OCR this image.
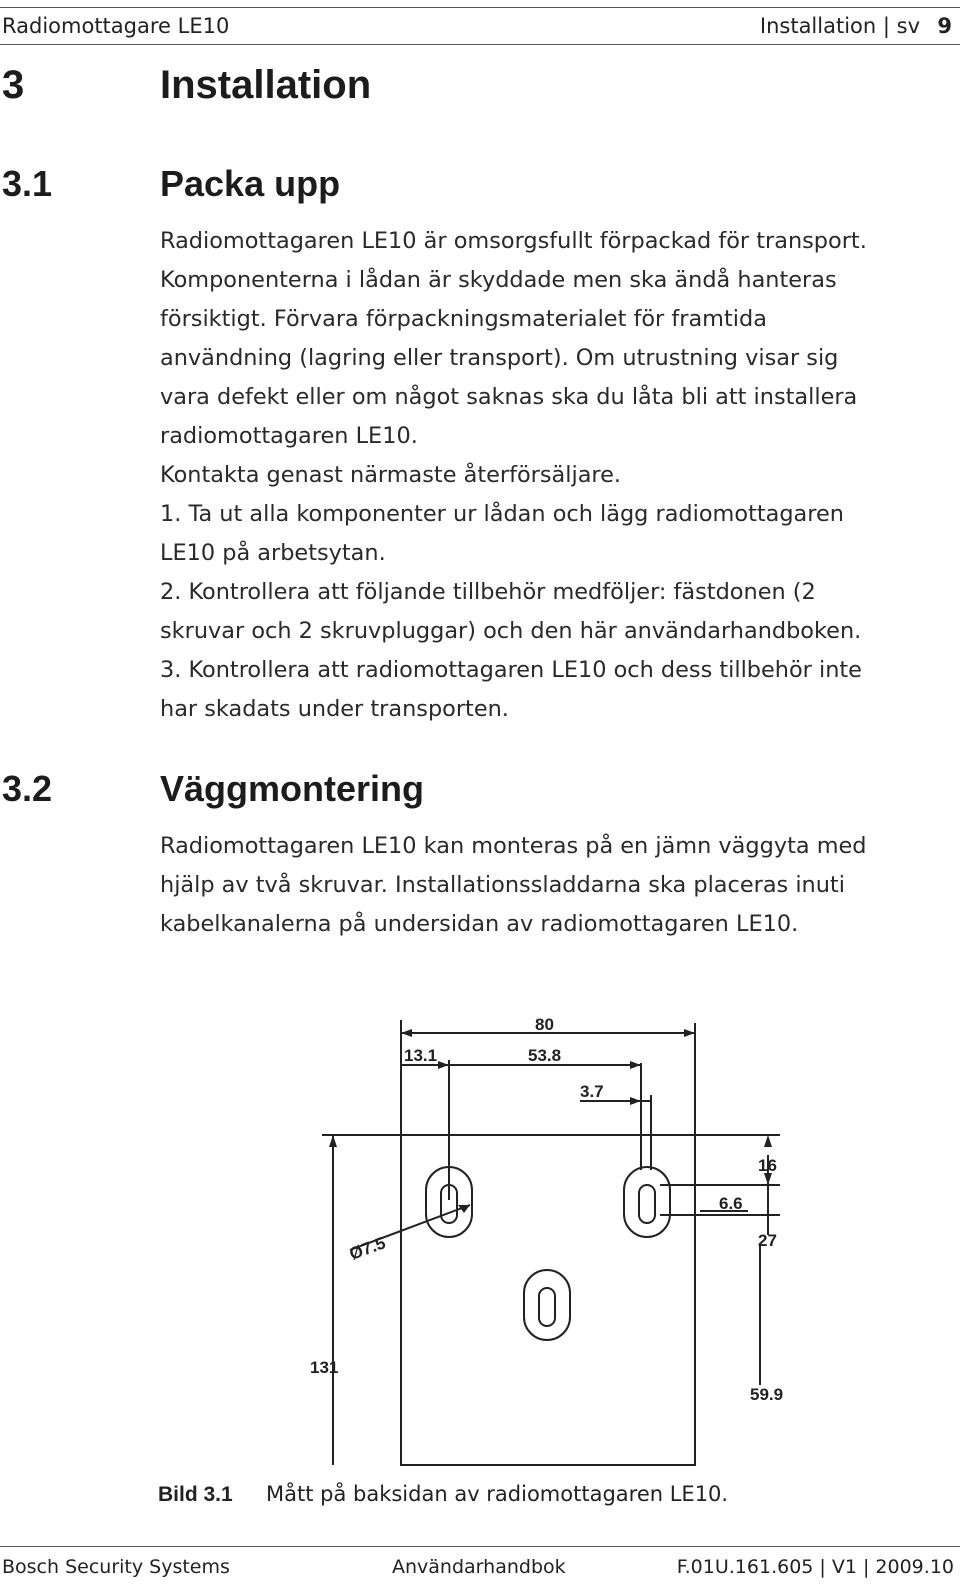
Radiomottagare LE10	Installation | sv 9
3	Installation
3.1	Packa upp

Radiomottagaren LE10 är omsorgsfullt förpackad för transport.

Komponenterna i lådan är skyddade men ska ändå hanteras

försiktigt. Förvara förpackningsmaterialet för framtida

användning (lagring eller transport). Om utrustning visar sig

vara defekt eller om något saknas ska du låta bli att installera

radiomottagaren LE10.

Kontakta genast närmaste återförsäljare.

1. Ta ut alla komponenter ur lådan och lägg radiomottagaren

LE10 på arbetsytan.

2. Kontrollera att följande tillbehör medföljer: fästdonen (2

skruvar och 2 skruvpluggar) och den här användarhandboken.

3. Kontrollera att radiomottagaren LE10 och dess tillbehör inte

har skadats under transporten.

3.2	Väggmontering

Radiomottagaren LE10 kan monteras på en jämn väggyta med

hjälp av två skruvar. Installationssladdarna ska placeras inuti

kabelkanalerna på undersidan av radiomottagaren LE10.

80
13.1	53.8
3.7
16
6.6
27
Ø7.5
131
59.9
Bild 3.1 Mått på baksidan av radiomottagaren LE10.
Bosch Security Systems	Användarhandbok	F.01U.161.605 | V1 | 2009.10
